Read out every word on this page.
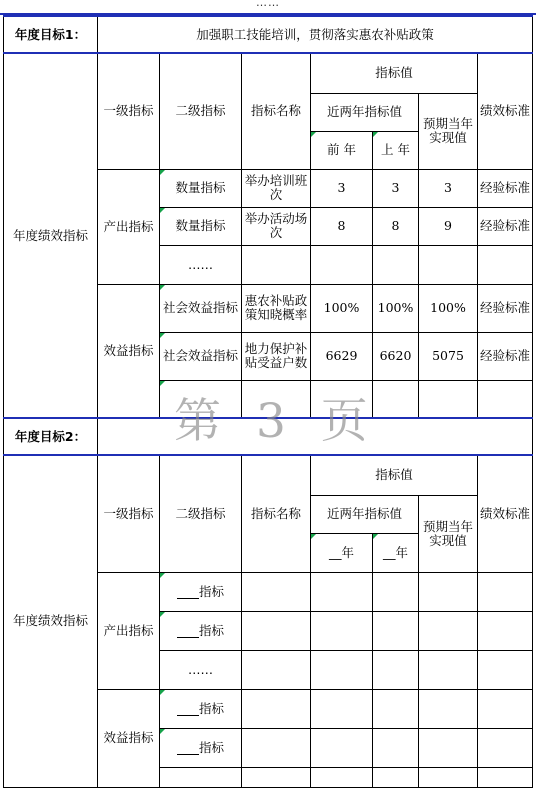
……
年度目标1：	加强职工技能培训，贯彻落实惠农补贴政策						
年度绩效指标	一级指标	二级指标	指标名称	指标值			绩效标准
				近两年指标值		预期当年实现值	
				前 年	上 年		
	产出指标	数量指标	举办培训班次	3	3	3	经验标准
		数量指标	举办活动场次	8	8	9	经验标准
		……					
	效益指标	社会效益指标	惠农补贴政策知晓概率	100%	100%	100%	经验标准
		社会效益指标	地力保护补贴受益户数	6629	6620	5075	经验标准

年度目标2：							
年度绩效指标	一级指标	二级指标	指标名称	指标值			绩效标准
				近两年指标值		预期当年实现值	
				__年	__年		
	产出指标	指标					
		指标					
		……					
	效益指标	指标					
		指标					

第 3 页
